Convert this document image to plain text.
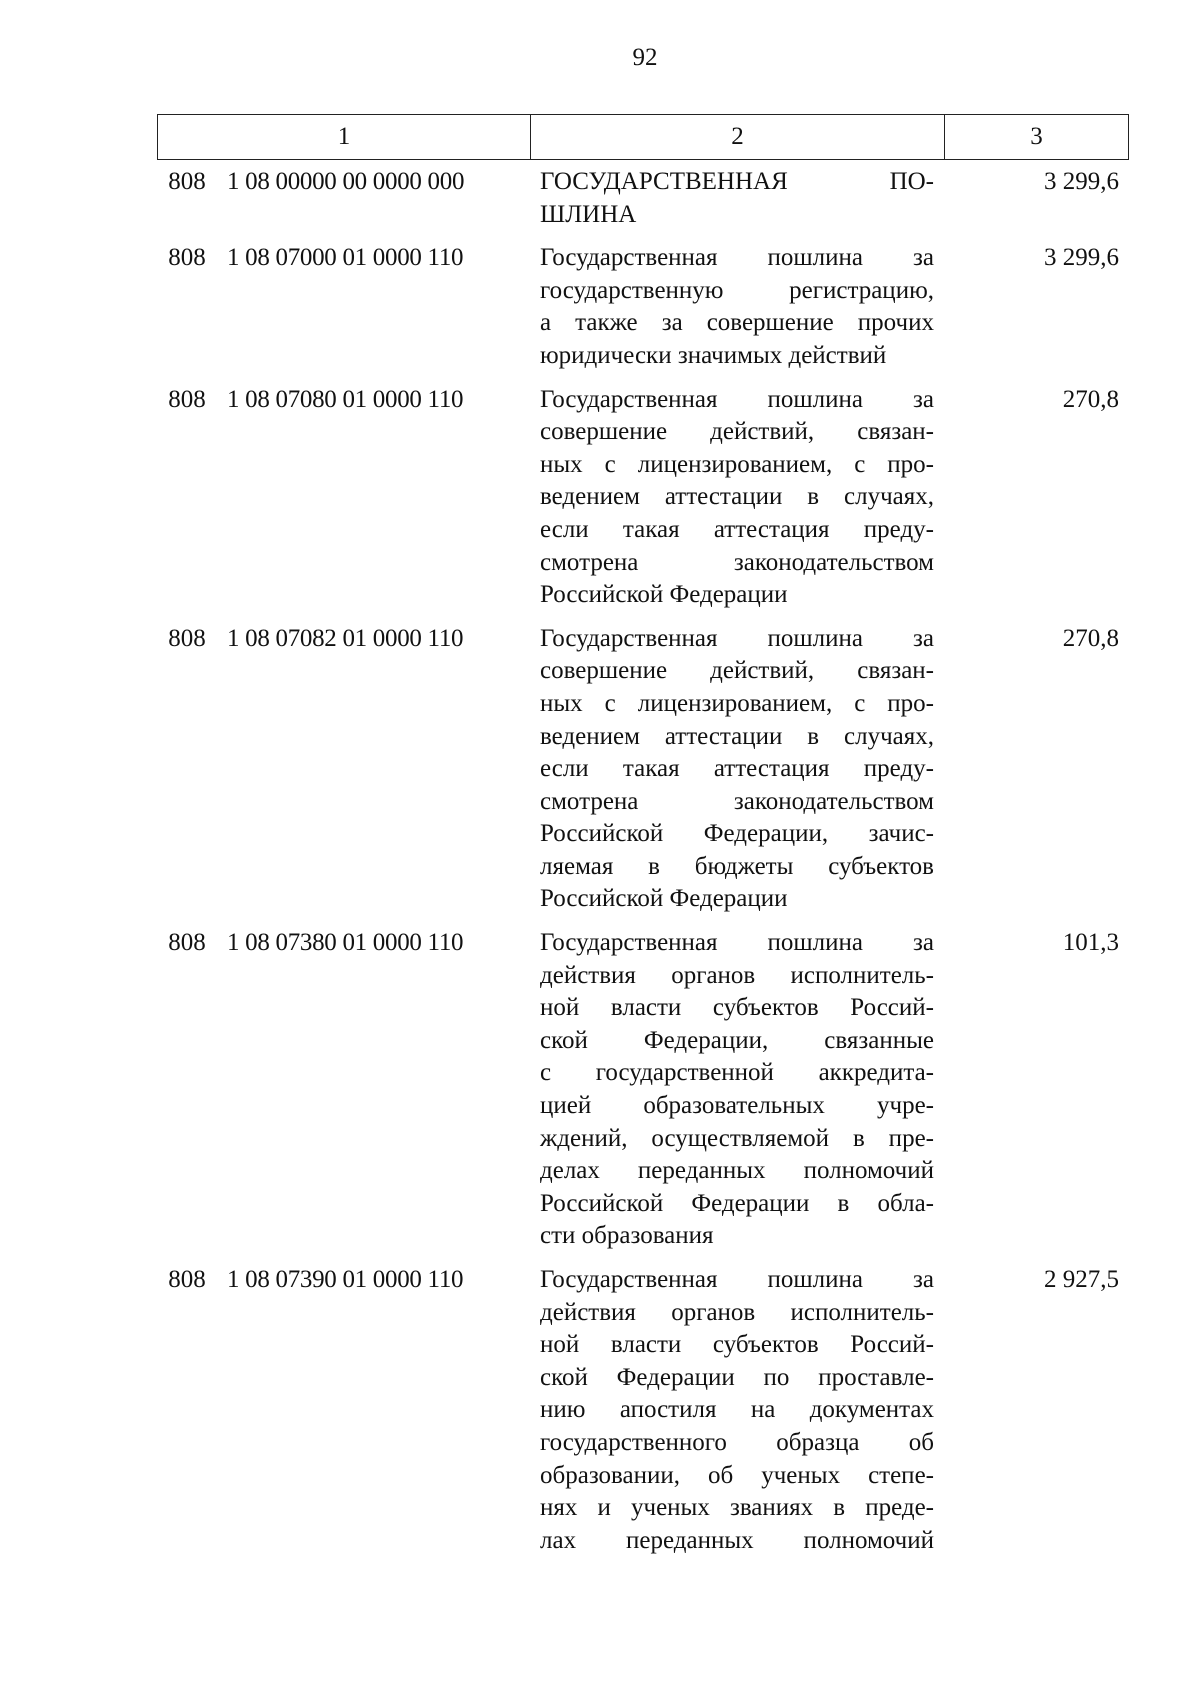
92
1	2	3
808 1 08 00000 00 0000 000	ГОСУДАРСТВЕННАЯ ПО-
ШЛИНА
3 299,6
808 1 08 07000 01 0000 110	Государственная пошлина за
государственную регистрацию,
а также за совершение прочих
юридически значимых действий
3 299,6
808 1 08 07080 01 0000 110	Государственная пошлина за
совершение действий, связан-
ных с лицензированием, с про-
ведением аттестации в случаях,
если такая аттестация преду-
смотрена законодательством
Российской Федерации
270,8
808 1 08 07082 01 0000 110	Государственная пошлина за
совершение действий, связан-
ных с лицензированием, с про-
ведением аттестации в случаях,
если такая аттестация преду-
смотрена законодательством
Российской Федерации, зачис-
ляемая в бюджеты субъектов
Российской Федерации
270,8
808 1 08 07380 01 0000 110	Государственная пошлина за
действия органов исполнитель-
ной власти субъектов Россий-
ской Федерации, связанные
с государственной аккредита-
цией образовательных учре-
ждений, осуществляемой в пре-
делах переданных полномочий
Российской Федерации в обла-
сти образования
101,3
808 1 08 07390 01 0000 110	Государственная пошлина за
действия органов исполнитель-
ной власти субъектов Россий-
ской Федерации по проставле-
нию апостиля на документах
государственного образца об
образовании, об ученых степе-
нях и ученых званиях в преде-
лах переданных полномочий
2 927,5
